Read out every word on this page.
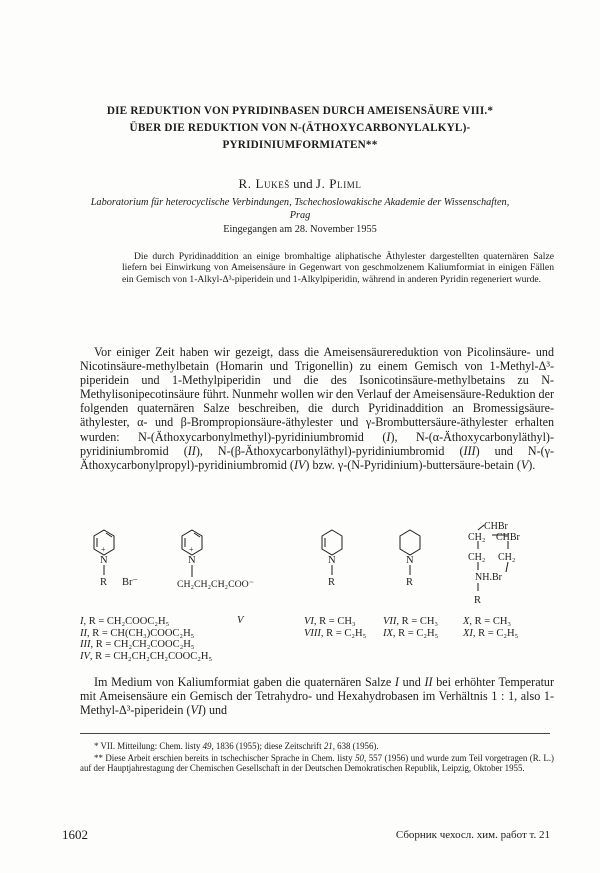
DIE REDUKTION VON PYRIDINBASEN DURCH AMEISENSÄURE VIII.*
ÜBER DIE REDUKTION VON N-(ÄTHOXYCARBONYLALKYL)-
PYRIDINIUMFORMIATEN**
R. Lukeš und J. Pliml
Laboratorium für heterocyclische Verbindungen, Tschechoslowakische Akademie der Wissenschaften,
Prag
Eingegangen am 28. November 1955

Die durch Pyridinaddition an einige bromhaltige aliphatische Äthylester dargestellten quaternären Salze liefern bei Einwirkung von Ameisensäure in Gegenwart von geschmolzenem Kaliumformiat in einigen Fällen ein Gemisch von 1-Alkyl-Δ³-piperidein und 1-Alkylpiperidin, während in anderen Pyridin regeneriert wurde.

Vor einiger Zeit haben wir gezeigt, dass die Ameisensäurereduktion von Picolinsäure- und Nicotinsäure-methylbetain (Homarin und Trigonellin) zu einem Gemisch von 1-Methyl-Δ³-piperidein und 1-Methylpiperidin und die des Isonicotinsäure-methylbetains zu N-Methylisonipecotinsäure führt. Nunmehr wollen wir den Verlauf der Ameisensäure-Reduktion der folgenden quaternären Salze beschreiben, die durch Pyridinaddition an Bromessigsäure-äthylester, α- und β-Brompropionsäure-äthylester und γ-Brombuttersäure-äthylester erhalten wurden: N-(Äthoxycarbonylmethyl)-pyridiniumbromid (I), N-(α-Äthoxycarbonyläthyl)-pyridiniumbromid (II), N-(β-Äthoxycarbonyläthyl)-pyridiniumbromid (III) und N-(γ-Äthoxycarbonylpropyl)-pyridiniumbromid (IV) bzw. γ-(N-Pyridinium)-buttersäure-betain (V).

+
N
R Br⁻
+
N
CH₂CH₂CH₂COO⁻
N
R
N
R
CHBr
CH₂ CHBr
CH₂ CH₂
NH.Br
R
V
I, R = CH₂COOC₂H₅
II, R = CH(CH₃)COOC₂H₅
III, R = CH₂CH₂COOC₂H₅
IV, R = CH₂CH₂CH₂COOC₂H₅
VI, R = CH₃
VIII, R = C₂H₅
VII, R = CH₃
IX, R = C₂H₅
X, R = CH₃
XI, R = C₂H₅

Im Medium von Kaliumformiat gaben die quaternären Salze I und II bei erhöhter Temperatur mit Ameisensäure ein Gemisch der Tetrahydro- und Hexahydrobasen im Verhältnis 1 : 1, also 1-Methyl-Δ³-piperidein (VI) und

* VII. Mitteilung: Chem. listy 49, 1836 (1955); diese Zeitschrift 21, 638 (1956).

** Diese Arbeit erschien bereits in tschechischer Sprache in Chem. listy 50, 557 (1956) und wurde zum Teil vorgetragen (R. L.) auf der Hauptjahrestagung der Chemischen Gesellschaft in der Deutschen Demokratischen Republik, Leipzig, Oktober 1955.

1602	Сборник чехосл. хим. работ т. 21
